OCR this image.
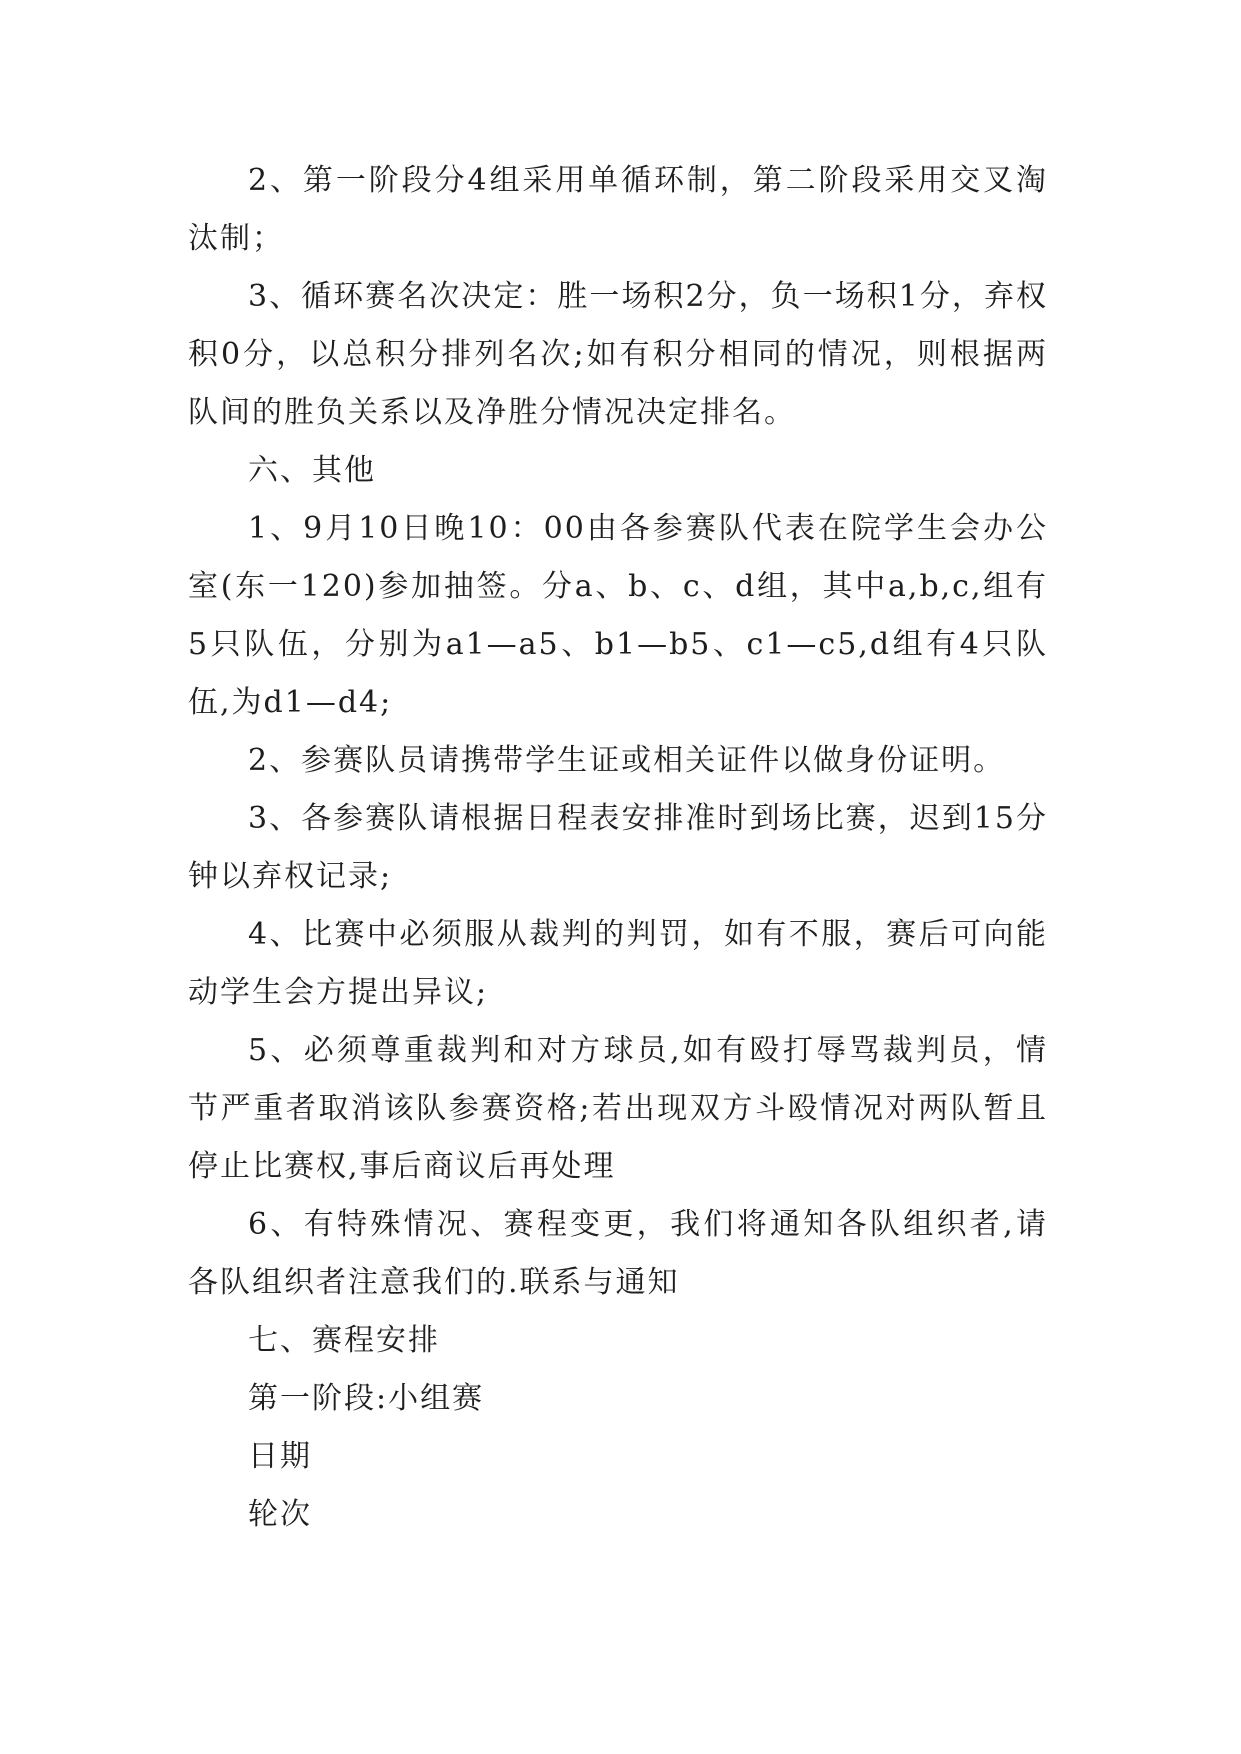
2、第一阶段分4组采用单循环制，第二阶段采用交叉淘汰制；

3、循环赛名次决定：胜一场积2分，负一场积1分，弃权积0分，以总积分排列名次;如有积分相同的情况，则根据两队间的胜负关系以及净胜分情况决定排名。

六、其他

1、9月10日晚10：00由各参赛队代表在院学生会办公室(东一120)参加抽签。分a、b、c、d组，其中a,b,c,组有5只队伍，分别为a1—a5、b1—b5、c1—c5,d组有4只队伍,为d1—d4;

2、参赛队员请携带学生证或相关证件以做身份证明。

3、各参赛队请根据日程表安排准时到场比赛，迟到15分钟以弃权记录;

4、比赛中必须服从裁判的判罚，如有不服，赛后可向能动学生会方提出异议;

5、必须尊重裁判和对方球员,如有殴打辱骂裁判员，情节严重者取消该队参赛资格;若出现双方斗殴情况对两队暂且停止比赛权,事后商议后再处理

6、有特殊情况、赛程变更，我们将通知各队组织者,请各队组织者注意我们的.联系与通知

七、赛程安排

第一阶段:小组赛

日期

轮次
